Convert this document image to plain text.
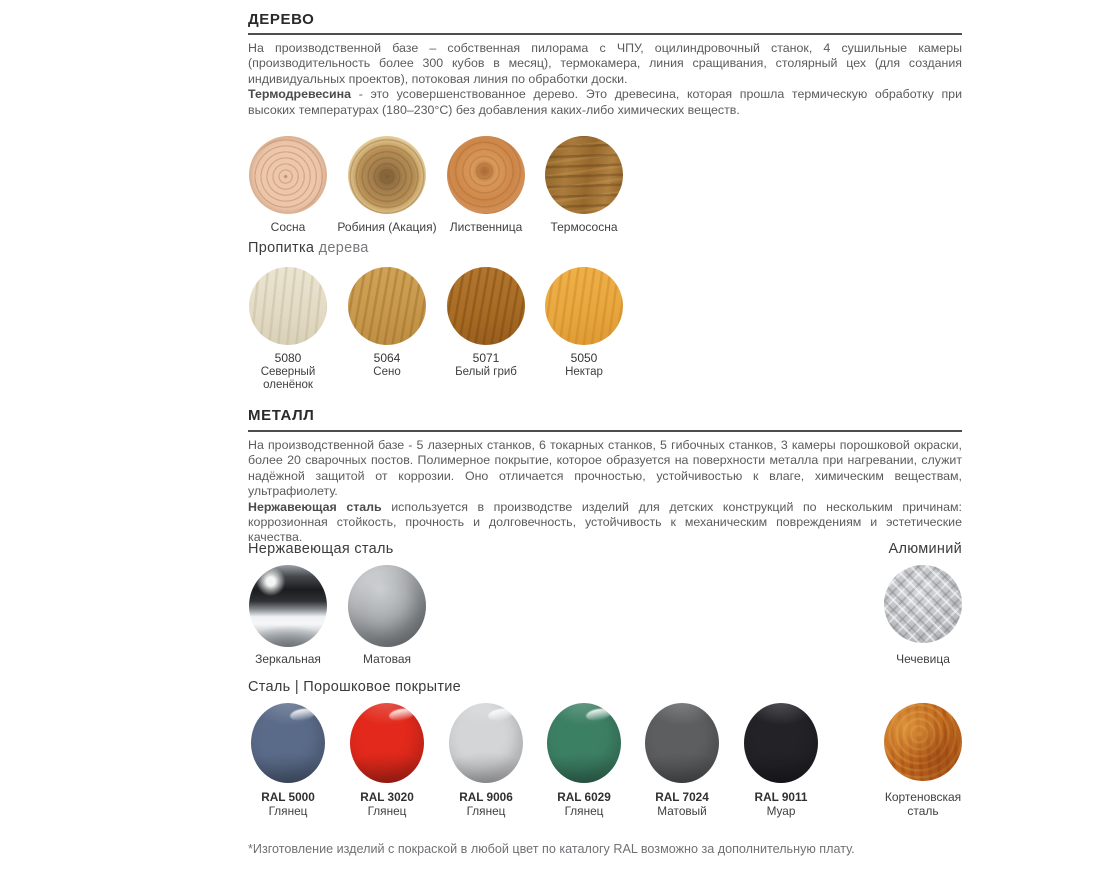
ДЕРЕВО

На производственной базе – собственная пилорама с ЧПУ, оцилиндровочный станок, 4 сушильные камеры (производительность более 300 кубов в месяц), термокамера, линия сращивания, столярный цех (для создания индивидуальных проектов), потоковая линия по обработки доски.

Термодревесина - это усовершенствованное дерево. Это древесина, которая прошла термическую обработку при высоких температурах (180–230°С) без добавления каких-либо химических веществ.

Сосна	Робиния (Акация)	Лиственница	Термососна
Пропитка дерева
5080
Северный оленёнок
5064
Сено
5071
Белый гриб
5050
Нектар
МЕТАЛЛ

На производственной базе - 5 лазерных станков, 6 токарных станков, 5 гибочных станков, 3 камеры порошковой окраски, более 20 сварочных постов. Полимерное покрытие, которое образуется на поверхности металла при нагревании, служит надёжной защитой от коррозии. Оно отличается прочностью, устойчивостью к влаге, химическим веществам, ультрафиолету.

Нержавеющая сталь используется в производстве изделий для детских конструкций по нескольким причинам: коррозионная стойкость, прочность и долговечность, устойчивость к механическим повреждениям и эстетические качества.

Нержавеющая сталь	Алюминий
Зеркальная	Матовая	Чечевица
Сталь | Порошковое покрытие
RAL 5000
Глянец
RAL 3020
Глянец
RAL 9006
Глянец
RAL 6029
Глянец
RAL 7024
Матовый
RAL 9011
Муар
Кортеновская сталь
*Изготовление изделий с покраской в любой цвет по каталогу RAL возможно за дополнительную плату.
